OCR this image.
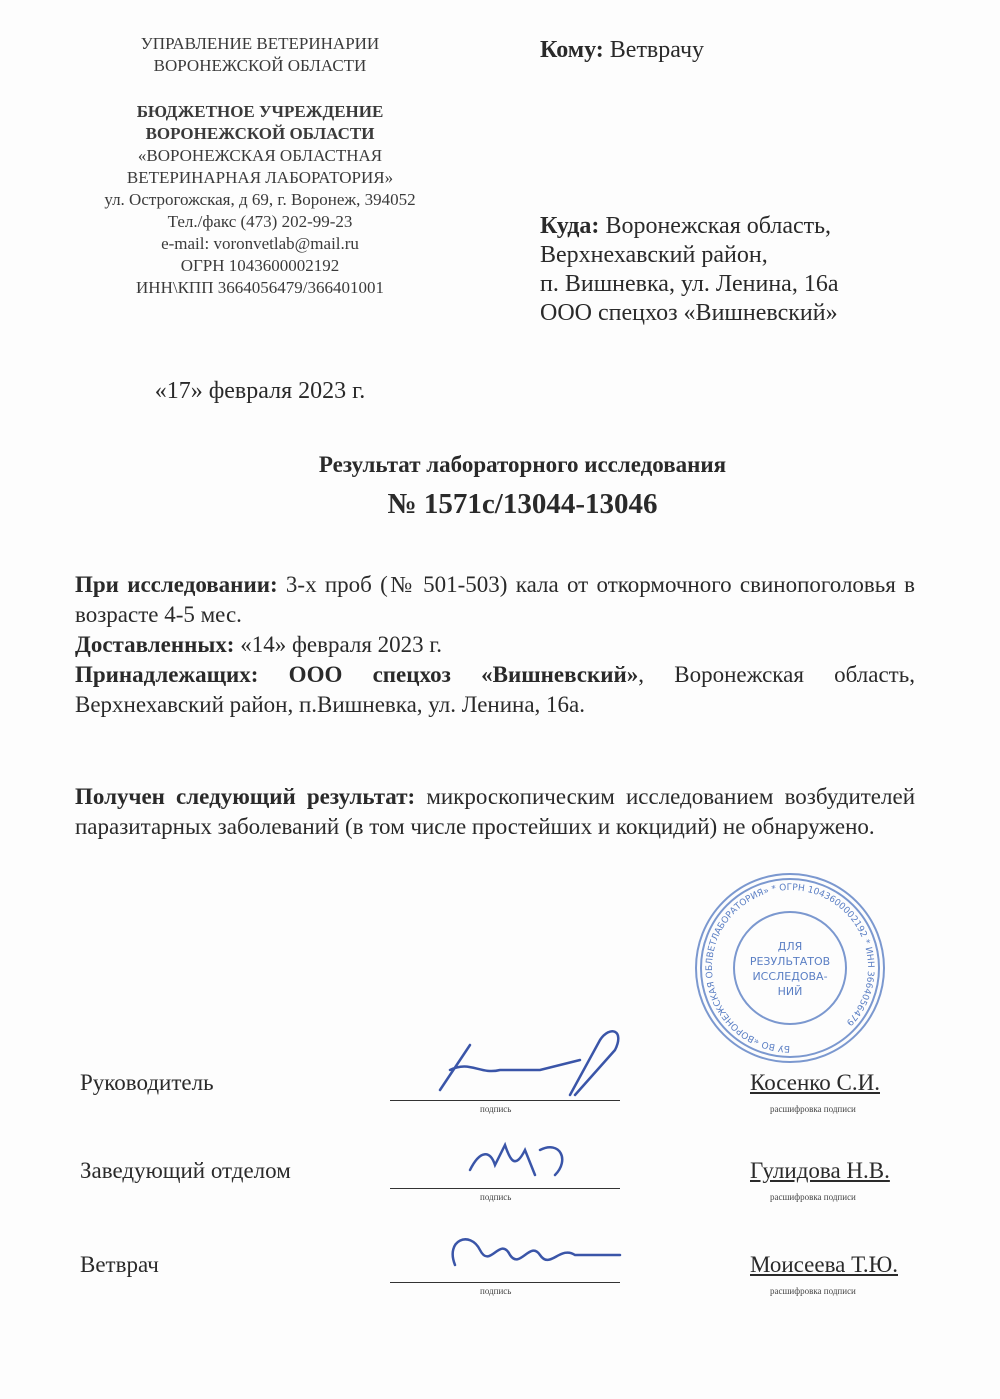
УПРАВЛЕНИЕ ВЕТЕРИНАРИИ
ВОРОНЕЖСКОЙ ОБЛАСТИ
БЮДЖЕТНОЕ УЧРЕЖДЕНИЕ
ВОРОНЕЖСКОЙ ОБЛАСТИ
«ВОРОНЕЖСКАЯ ОБЛАСТНАЯ
ВЕТЕРИНАРНАЯ ЛАБОРАТОРИЯ»
ул. Острогожская, д 69, г. Воронеж, 394052
Тел./факс (473) 202-99-23
e-mail: voronvetlab@mail.ru
ОГРН 1043600002192
ИНН\КПП 3664056479/366401001
«17» февраля 2023 г.
Кому: Ветврачу
Куда: Воронежская область,
Верхнехавский район,
п. Вишневка, ул. Ленина, 16а
ООО спецхоз «Вишневский»
Результат лабораторного исследования
№ 1571с/13044-13046

При исследовании: 3-х проб (№ 501-503) кала от откормочного свинопоголовья в возрасте 4-5 мес.

Доставленных: «14» февраля 2023 г.

Принадлежащих: ООО спецхоз «Вишневский», Воронежская область, Верхнехавский район, п.Вишневка, ул. Ленина, 16а.

Получен следующий результат: микроскопическим исследованием возбудителей паразитарных заболеваний (в том числе простейших и кокцидий) не обнаружено.

Руководитель
подпись
Косенко С.И.
расшифровка подписи
Заведующий отделом
подпись
Гулидова Н.В.
расшифровка подписи
Ветврач
подпись
Моисеева Т.Ю.
расшифровка подписи
БУ ВО «ВОРОНЕЖСКАЯ ОБЛВЕТЛАБОРАТОРИЯ» * ОГРН 1043600002192 * ИНН 3664056479
ДЛЯ
РЕЗУЛЬТАТОВ
ИССЛЕДОВА-
НИЙ
